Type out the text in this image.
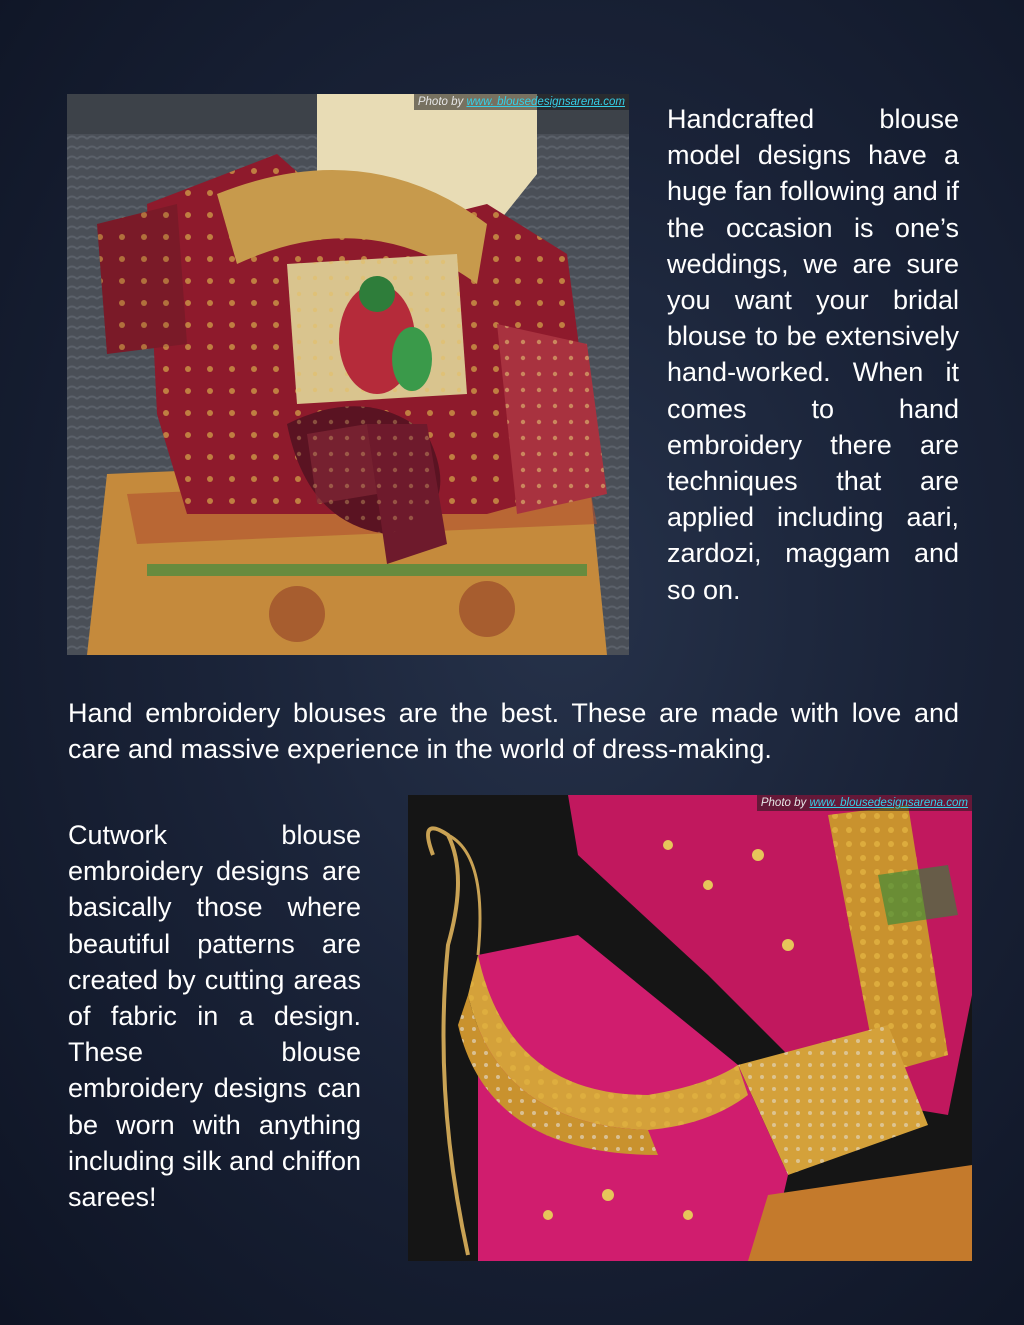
Photo by www. blousedesignsarena.com

Handcrafted blouse model designs have a huge fan following and if the occasion is one’s weddings, we are sure you want your bridal blouse to be extensively hand-worked. When it comes to hand embroidery there are techniques that are applied including aari, zardozi, maggam and so on.

Hand embroidery blouses are the best. These are made with love and care and massive experience in the world of dress-making.

Cutwork blouse embroidery designs are basically those where beautiful patterns are created by cutting areas of fabric in a design. These blouse embroidery designs can be worn with anything including silk and chiffon sarees!

Photo by www. blousedesignsarena.com
